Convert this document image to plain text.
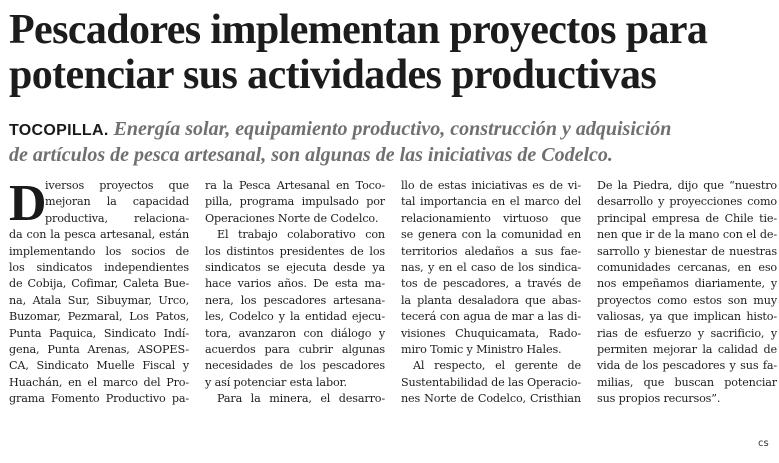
Pescadores implementan proyectos para
potenciar sus actividades productivas
TOCOPILLA. Energía solar, equipamiento productivo, construcción y adquisición
de artículos de pesca artesanal, son algunas de las iniciativas de Codelco.
D
iversos proyectos que
mejoran la capacidad
productiva, relaciona-
da con la pesca artesanal, están
implementando los socios de
los sindicatos independientes
de Cobija, Cofimar, Caleta Bue-
na, Atala Sur, Sibuymar, Urco,
Buzomar, Pezmaral, Los Patos,
Punta Paquica, Sindicato Indí-
gena, Punta Arenas, ASOPES-
CA, Sindicato Muelle Fiscal y
Huachán, en el marco del Pro-
grama Fomento Productivo pa-
ra la Pesca Artesanal en Toco-
pilla, programa impulsado por
Operaciones Norte de Codelco.
El trabajo colaborativo con
los distintos presidentes de los
sindicatos se ejecuta desde ya
hace varios años. De esta ma-
nera, los pescadores artesana-
les, Codelco y la entidad ejecu-
tora, avanzaron con diálogo y
acuerdos para cubrir algunas
necesidades de los pescadores
y así potenciar esta labor.
Para la minera, el desarro-
llo de estas iniciativas es de vi-
tal importancia en el marco del
relacionamiento virtuoso que
se genera con la comunidad en
territorios aledaños a sus fae-
nas, y en el caso de los sindica-
tos de pescadores, a través de
la planta desaladora que abas-
tecerá con agua de mar a las di-
visiones Chuquicamata, Rado-
miro Tomic y Ministro Hales.
Al respecto, el gerente de
Sustentabilidad de las Operacio-
nes Norte de Codelco, Cristhian
De la Piedra, dijo que “nuestro
desarrollo y proyecciones como
principal empresa de Chile tie-
nen que ir de la mano con el de-
sarrollo y bienestar de nuestras
comunidades cercanas, en eso
nos empeñamos diariamente, y
proyectos como estos son muy
valiosas, ya que implican histo-
rias de esfuerzo y sacrificio, y
permiten mejorar la calidad de
vida de los pescadores y sus fa-
milias, que buscan potenciar
sus propios recursos”.
cs
